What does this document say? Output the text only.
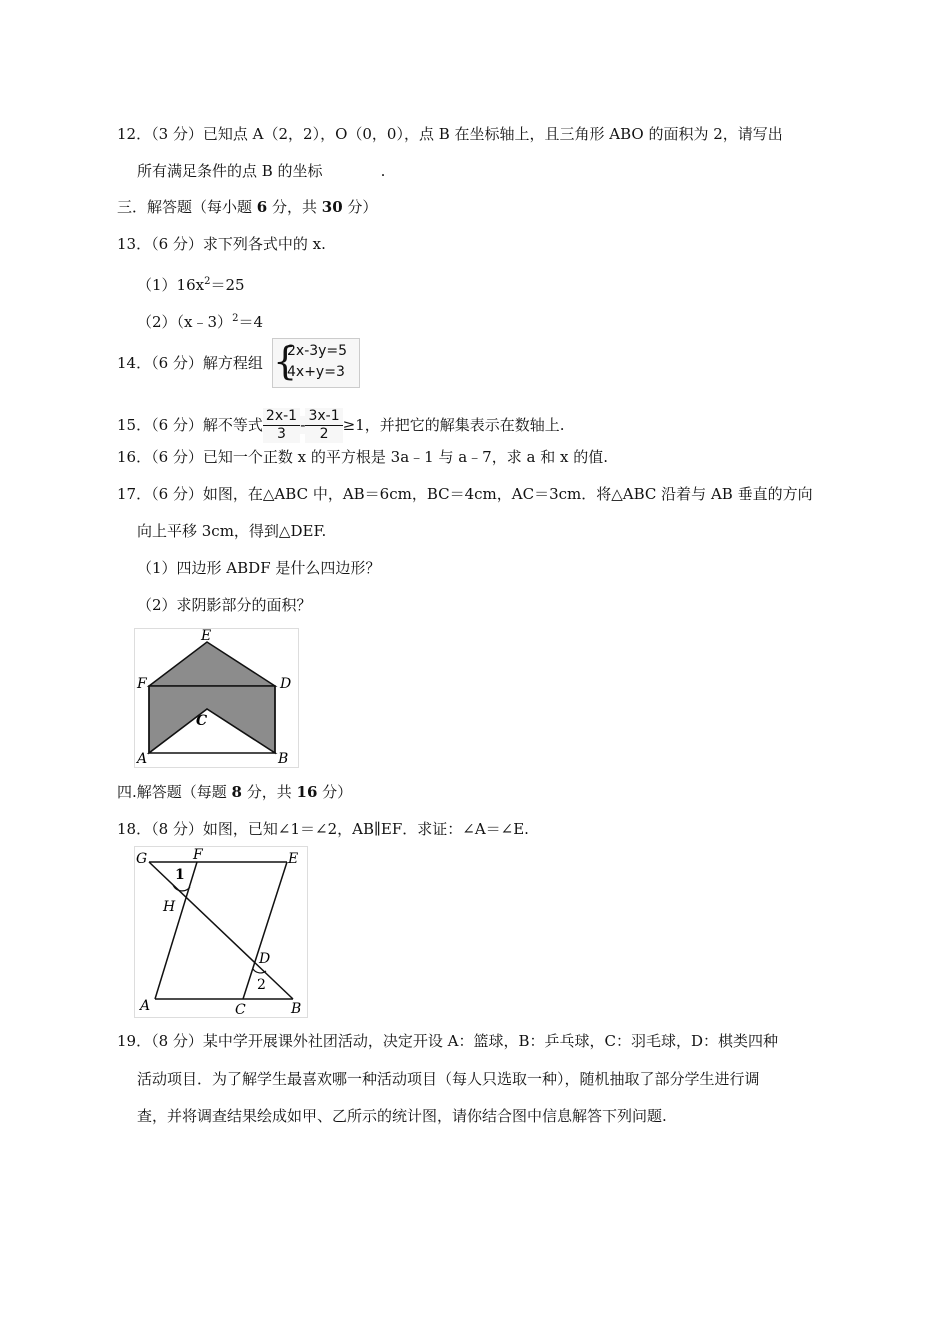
12．（3 分）已知点 A（2，2），O（0，0），点 B 在坐标轴上，且三角形 ABO 的面积为 2，请写出
所有满足条件的点 B 的坐标	.
三．解答题（每小题 6 分，共 30 分）
13．（6 分）求下列各式中的 x.
$(1)16x^2=25$
（2）（x﹣3）$^2$＝4
14．（6 分）解方程组 {
2x-3y=5
4x+y=3
15．（6 分）解不等式 $\frac{2x-1}{3} - \frac{3x-1}{2} \ge 1$，并把它的解集表示在数轴上.
16．（6 分）已知一个正数 x 的平方根是 3a﹣1 与 a﹣7，求 a 和 x 的值.
17．（6 分）如图，在△ABC 中，AB＝6cm，BC＝4cm，AC＝3cm．将△ABC 沿着与 AB 垂直的方向
向上平移 3cm，得到△DEF.
（1）四边形 ABDF 是什么四边形？
（2）求阴影部分的面积？
E
F	D
C
A	B
四.解答题（每题 8 分，共 16 分）
18．（8 分）如图，已知∠1＝∠2，AB∥EF．求证：∠A＝∠E.
G	F	E
1
H
D
2
A	C	B
19．（8 分）某中学开展课外社团活动，决定开设 A：篮球，B：乒乓球，C：羽毛球，D：棋类四种
活动项目．为了解学生最喜欢哪一种活动项目（每人只选取一种），随机抽取了部分学生进行调
查，并将调查结果绘成如甲、乙所示的统计图，请你结合图中信息解答下列问题.
